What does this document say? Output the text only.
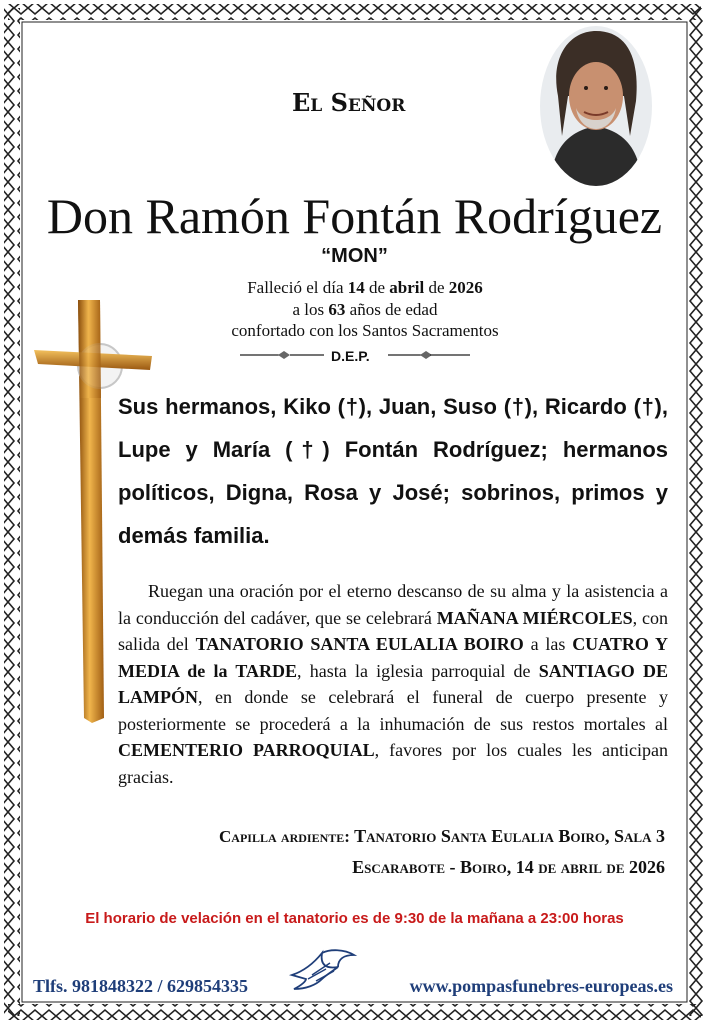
El Señor
Don Ramón Fontán Rodríguez
“MON”
Falleció el día 14 de abril de 2026
a los 63 años de edad
confortado con los Santos Sacramentos
D.E.P.
Sus hermanos, Kiko (†), Juan, Suso (†), Ricardo (†), Lupe y María (†) Fontán Rodríguez; hermanos políticos, Digna, Rosa y José; sobrinos, primos y demás familia.
Ruegan una oración por el eterno descanso de su alma y la asistencia a la conducción del cadáver, que se celebrará MAÑANA MIÉRCOLES, con salida del TANATORIO SANTA EULALIA BOIRO a las CUATRO Y MEDIA de la TARDE, hasta la iglesia parroquial de SANTIAGO DE LAMPÓN, en donde se celebrará el funeral de cuerpo presente y posteriormente se procederá a la inhumación de sus restos mortales al CEMENTERIO PARROQUIAL, favores por los cuales les anticipan gracias.
Capilla ardiente: Tanatorio Santa Eulalia Boiro, Sala 3
Escarabote - Boiro, 14 de abril de 2026
El horario de velación en el tanatorio es de 9:30 de la mañana a 23:00 horas
Tlfs. 981848322 / 629854335	www.pompasfunebres-europeas.es
